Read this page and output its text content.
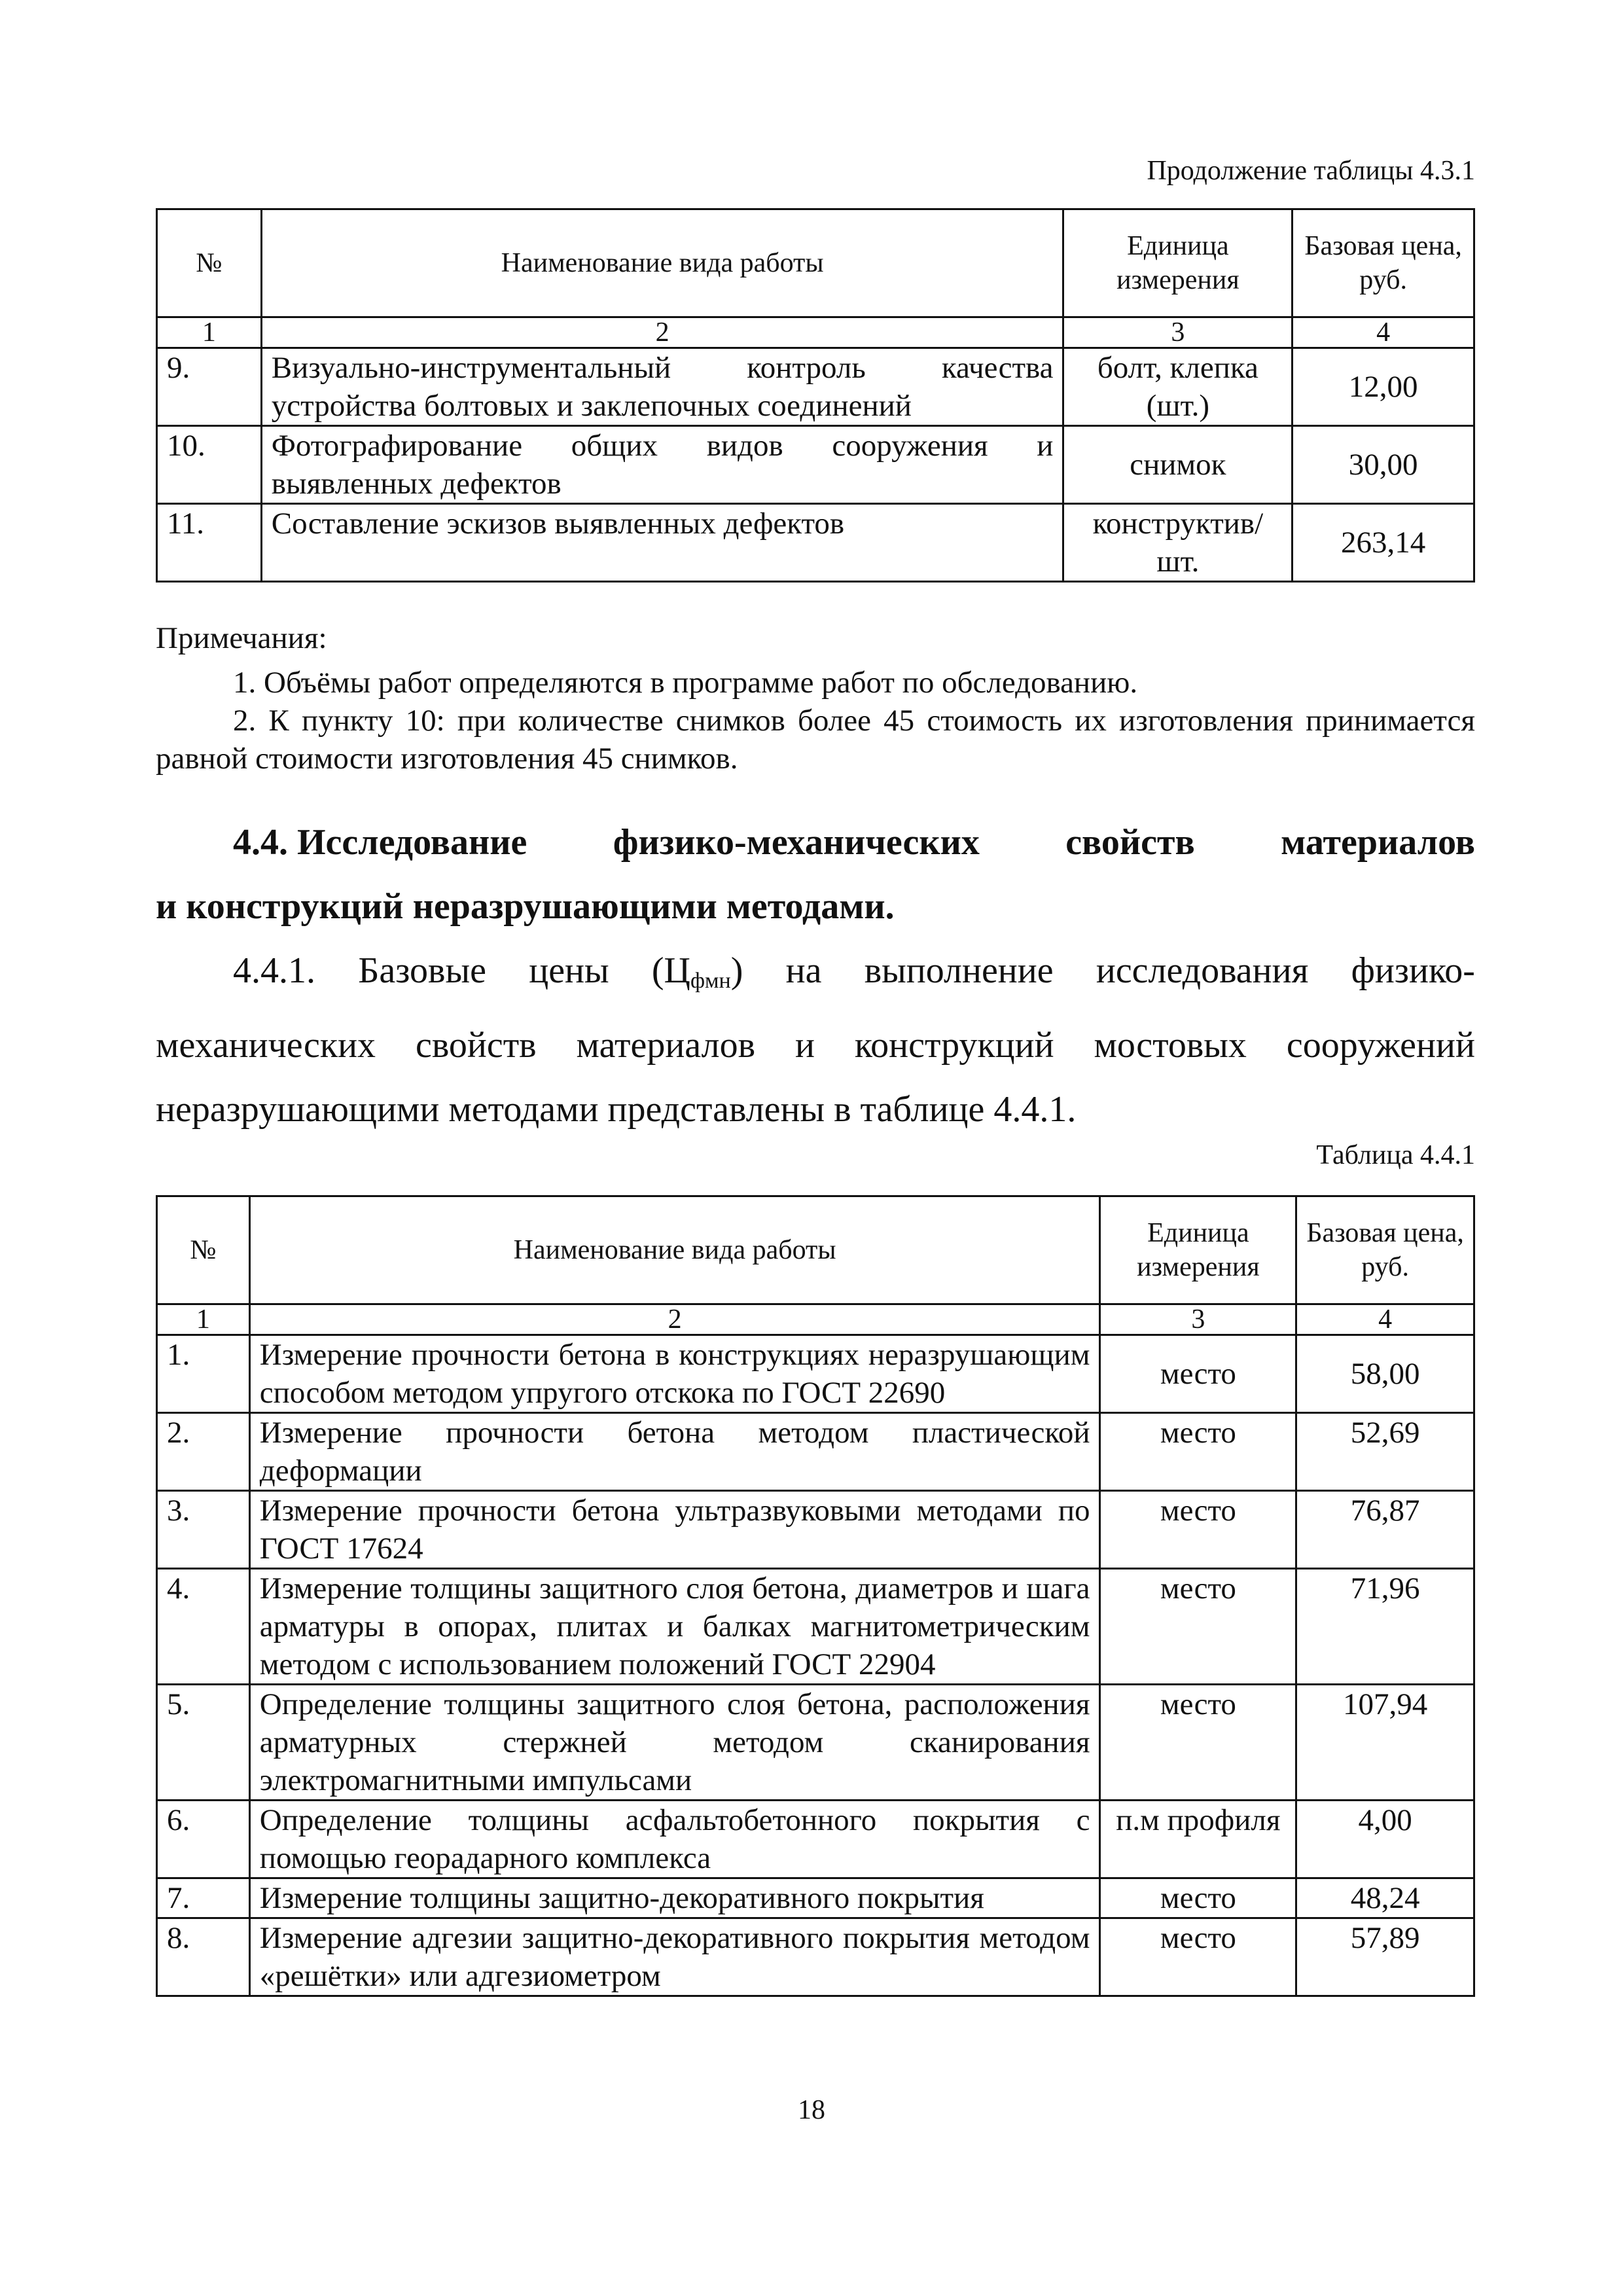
Продолжение таблицы 4.3.1
№	Наименование вида работы	Единица измерения	Базовая цена, руб.
1	2	3	4
9.	Визуально-инструментальный контроль качества устройства болтовых и заклепочных соединений	болт, клепка (шт.)	12,00
10.	Фотографирование общих видов сооружения и выявленных дефектов	снимок	30,00
11.	Составление эскизов выявленных дефектов	конструктив/ шт.	263,14
Примечания:
1. Объёмы работ определяются в программе работ по обследованию.
2. К пункту 10: при количестве снимков более 45 стоимость их изготовления принимается равной стоимости изготовления 45 снимков.
4.4. Исследование физико-механических свойств материалов
и конструкций неразрушающими методами.
4.4.1. Базовые цены $(Ц_{фмн})$ на выполнение исследования физико-
механических свойств материалов и конструкций мостовых сооружений
неразрушающими методами представлены в таблице 4.4.1.
Таблица 4.4.1
№	Наименование вида работы	Единица измерения	Базовая цена, руб.
1	2	3	4
1.	Измерение прочности бетона в конструкциях неразрушающим способом методом упругого отскока по ГОСТ 22690	место	58,00
2.	Измерение прочности бетона методом пластической деформации	место	52,69
3.	Измерение прочности бетона ультразвуковыми методами по ГОСТ 17624	место	76,87
4.	Измерение толщины защитного слоя бетона, диаметров и шага арматуры в опорах, плитах и балках магнитометрическим методом с использованием положений ГОСТ 22904	место	71,96
5.	Определение толщины защитного слоя бетона, расположения арматурных стержней методом сканирования электромагнитными импульсами	место	107,94
6.	Определение толщины асфальтобетонного покрытия с помощью георадарного комплекса	п.м профиля	4,00
7.	Измерение толщины защитно-декоративного покрытия	место	48,24
8.	Измерение адгезии защитно-декоративного покрытия методом «решётки» или адгезиометром	место	57,89
18
